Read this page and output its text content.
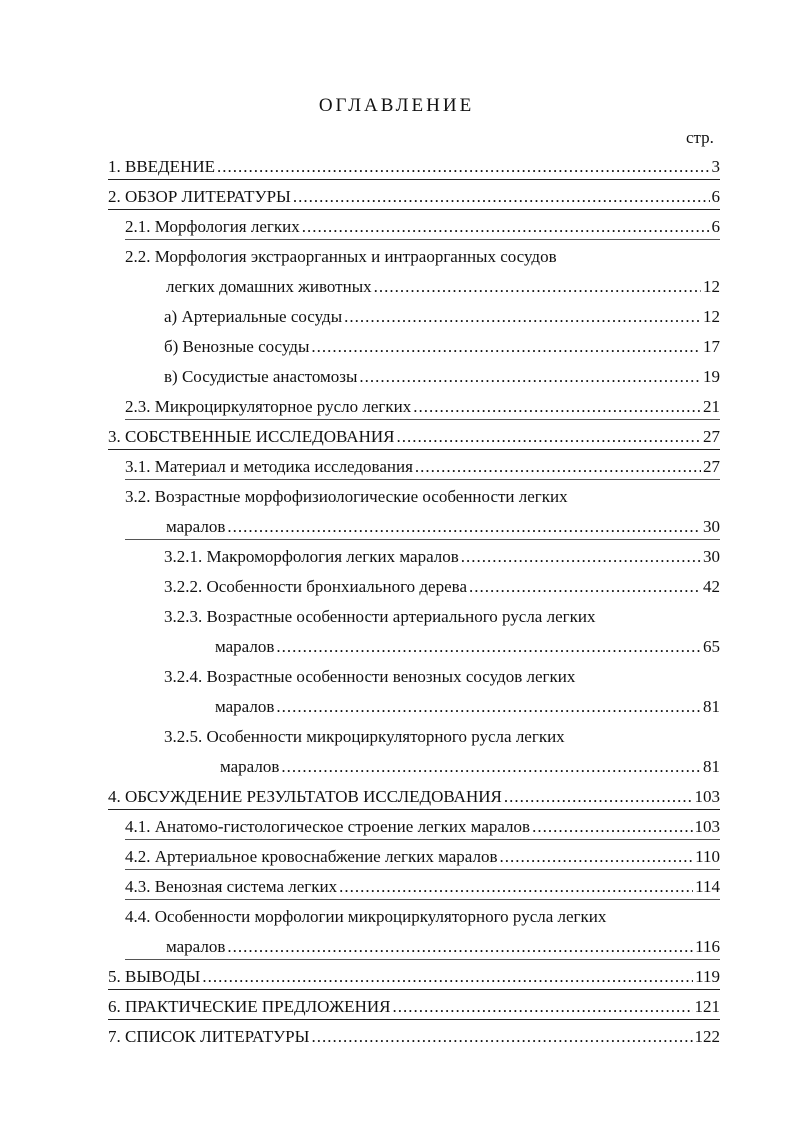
ОГЛАВЛЕНИЕ
стр.
1. ВВЕДЕНИЕ .....	3
2. ОБЗОР ЛИТЕРАТУРЫ .....	6
2.1. Морфология легких .....	6
2.2. Морфология экстраорганных и интраорганных сосудов
легких домашних животных .....	12
а) Артериальные сосуды .....	12
б) Венозные сосуды .....	17
в) Сосудистые анастомозы .....	19
2.3. Микроциркуляторное русло легких .....	21
3. СОБСТВЕННЫЕ ИССЛЕДОВАНИЯ .....	27
3.1. Материал и методика исследования .....	27
3.2. Возрастные морфофизиологические особенности легких
маралов .....	30
3.2.1. Макроморфология легких маралов .....	30
3.2.2. Особенности бронхиального дерева .....	42
3.2.3. Возрастные особенности артериального русла легких
маралов .....	65
3.2.4. Возрастные особенности венозных сосудов легких
маралов .....	81
3.2.5. Особенности микроциркуляторного русла легких
маралов .....	81
4. ОБСУЖДЕНИЕ РЕЗУЛЬТАТОВ ИССЛЕДОВАНИЯ .....	103
4.1. Анатомо-гистологическое строение легких маралов .....	103
4.2. Артериальное кровоснабжение легких маралов .....	110
4.3. Венозная система легких .....	114
4.4. Особенности морфологии микроциркуляторного русла легких
маралов .....	116
5. ВЫВОДЫ .....	119
6. ПРАКТИЧЕСКИЕ ПРЕДЛОЖЕНИЯ .....	121
7. СПИСОК ЛИТЕРАТУРЫ .....	122
